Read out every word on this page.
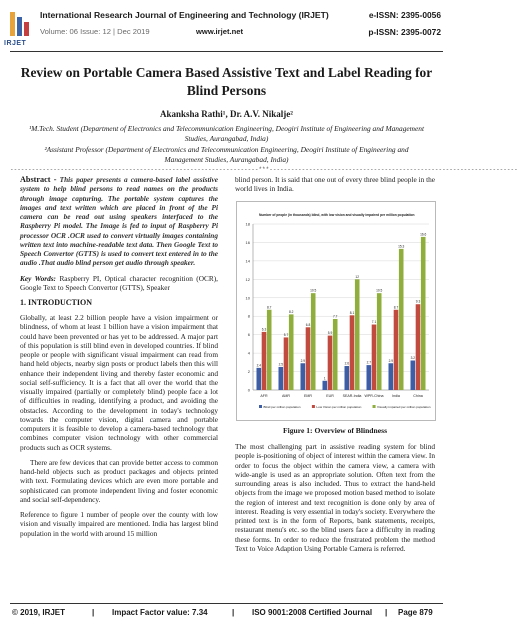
IRJET
International Research Journal of Engineering and Technology (IRJET)	e-ISSN: 2395-0056
Volume: 06 Issue: 12 | Dec 2019	www.irjet.net	p-ISSN: 2395-0072
Review on Portable Camera Based Assistive Text and Label Reading for
Blind Persons
Akanksha Rathi¹, Dr. A.V. Nikalje²
¹M.Tech. Student (Department of Electronics and Telecommunication Engineering, Deogiri Institute of Engineering and Management Studies, Aurangabad, India)
²Assistant Professor (Department of Electronics and Telecommunication Engineering, Deogiri Institute of Engineering and Management Studies, Aurangabad, India)
---------------------------------------------------------------------***---------------------------------------------------------------------

Abstract - This paper presents a camera-based label assistive system to help blind persons to read names on the products through image capturing. The portable system captures the images and text written which are placed in front of the Pi camera can be read out using speakers interfaced to the Raspberry Pi model. The Image is fed to input of Raspberry Pi processor OCR .OCR used to convert virtually images containing written text into machine-readable text data. Then Google Text to Speech Convertor (GTTS) is used to convert text entered in to the audio .That audio blind person get audio through speaker.

Key Words: Raspberry PI, Optical character recognition (OCR), Google Text to Speech Convertor (GTTS), Speaker

1. INTRODUCTION

Globally, at least 2.2 billion people have a vision impairment or blindness, of whom at least 1 billion have a vision impairment that could have been prevented or has yet to be addressed. A major part of this population is still blind even in developed countries. If blind people or people with significant visual impairment can read from hand held objects, nearby sign posts or product labels then this will enhance their independent living and thereby faster economic and social self-sufficiency. It is a fact that all over the world that the visually impaired (partially or completely blind) people face a lot of difficulties in reading, identifying a product, and avoiding the obstacles. According to the development in today's technology towards the computer vision, digital camera and portable computers it is feasible to develop a camera-based technology that combines computer vision technology with other commercial products such as OCR systems.

There are few devices that can provide better access to common hand-held objects such as product packages and objects printed with text. Formulating devices which are even more portable and sophisticated can promote independent living and foster economic and social self-dependency.

Reference to figure 1 number of people over the county with low vision and visually impaired are mentioned. India has largest blind population in the world with around 15 million

blind person. It is said that one out of every three blind people in the world lives in India.

Number of people (in thousands) blind, with low vision and visually impaired per million population
0
2
4
6
8
10
12
14
16
18
2.4
6.3
8.7
AFR
2.5
5.7
8.2
AMR
2.9
6.8
10.5
EMR
1
5.9
7.7
EUR
2.6
8.1
12
SEAR-India
2.7
7.1
10.5
WPR-China
2.9
8.7
15.3
India
3.2
9.3
16.6
China
Blind per million population	Low Vision per million population	Visually impaired per million population
Figure 1: Overview of Blindness
The most challenging part in assistive reading system for blind people is-positioning of object of interest within the camera view. In order to focus the object within the camera view, a camera with wide-angle is used as an appropriate solution. Often text from the surrounding areas is also included. Thus to extract the hand-held objects from the image we proposed motion based method to isolate the region of interest and text recognition is done only by area of interest. Reading is very essential in today's society. Everywhere the printed text is in the form of Reports, bank statements, receipts, restaurant menu's etc. so the blind users face a difficulty in reading these forms. In order to reduce the frustrated problem the method Text to Voice Adaption Using Portable Camera is referred.
© 2019, IRJET	| Impact Factor value: 7.34	| ISO 9001:2008 Certified Journal | Page 879
